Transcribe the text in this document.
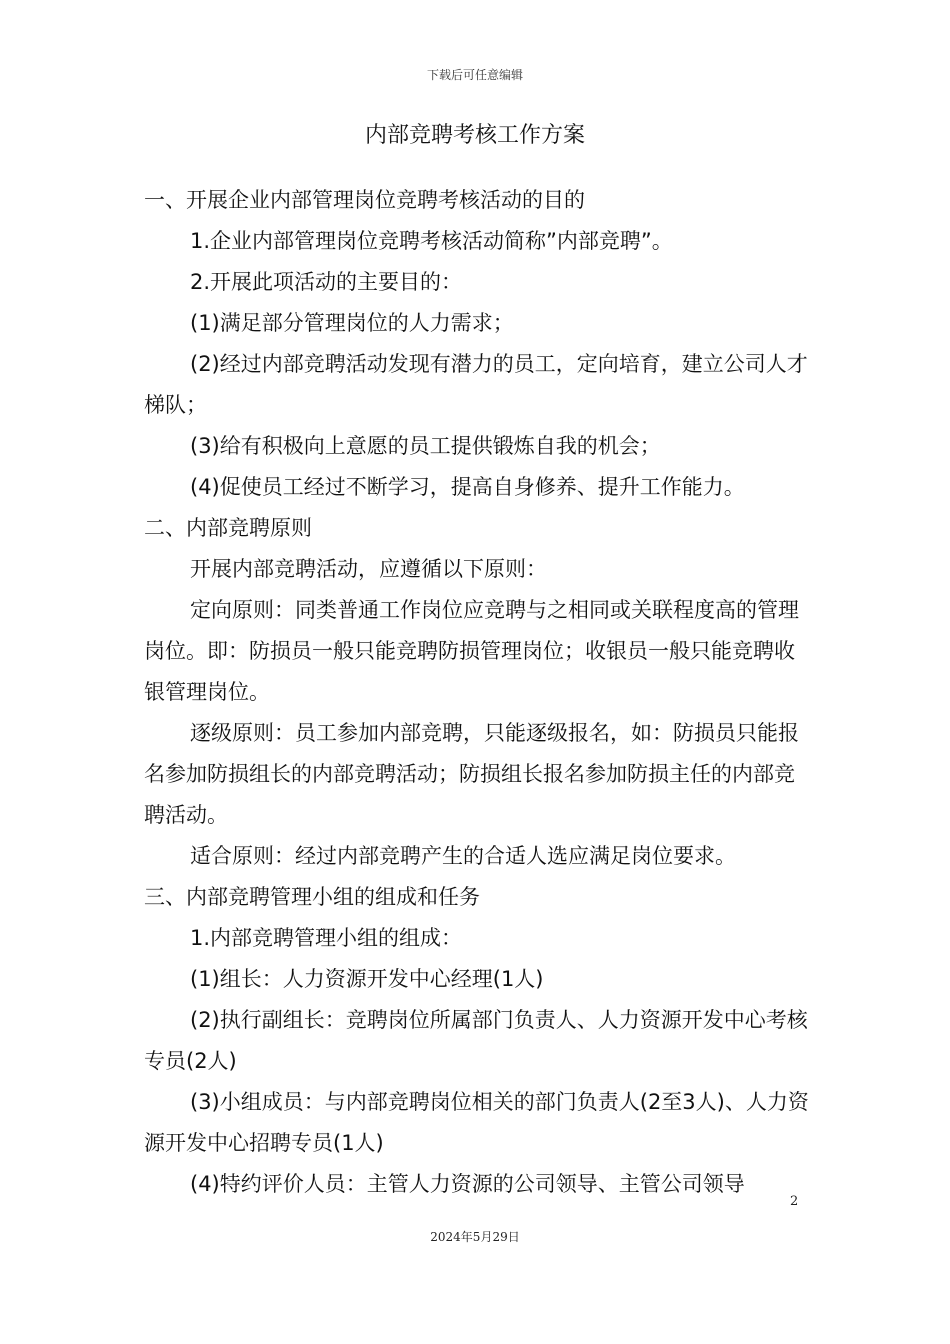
下载后可任意编辑
内部竞聘考核工作方案

一、开展企业内部管理岗位竞聘考核活动的目的

1.企业内部管理岗位竞聘考核活动简称”内部竞聘”。

2.开展此项活动的主要目的：

(1)满足部分管理岗位的人力需求；

(2)经过内部竞聘活动发现有潜力的员工，定向培育，建立公司人才梯队；

(3)给有积极向上意愿的员工提供锻炼自我的机会；

(4)促使员工经过不断学习，提高自身修养、提升工作能力。

二、内部竞聘原则

开展内部竞聘活动，应遵循以下原则：

定向原则：同类普通工作岗位应竞聘与之相同或关联程度高的管理岗位。即：防损员一般只能竞聘防损管理岗位；收银员一般只能竞聘收银管理岗位。

逐级原则：员工参加内部竞聘，只能逐级报名，如：防损员只能报名参加防损组长的内部竞聘活动；防损组长报名参加防损主任的内部竞聘活动。

适合原则：经过内部竞聘产生的合适人选应满足岗位要求。

三、内部竞聘管理小组的组成和任务

1.内部竞聘管理小组的组成：

(1)组长：人力资源开发中心经理(1人)

(2)执行副组长：竞聘岗位所属部门负责人、人力资源开发中心考核专员(2人)

(3)小组成员：与内部竞聘岗位相关的部门负责人(2至3人)、人力资源开发中心招聘专员(1人)

(4)特约评价人员：主管人力资源的公司领导、主管公司领导

2
2024年5月29日
